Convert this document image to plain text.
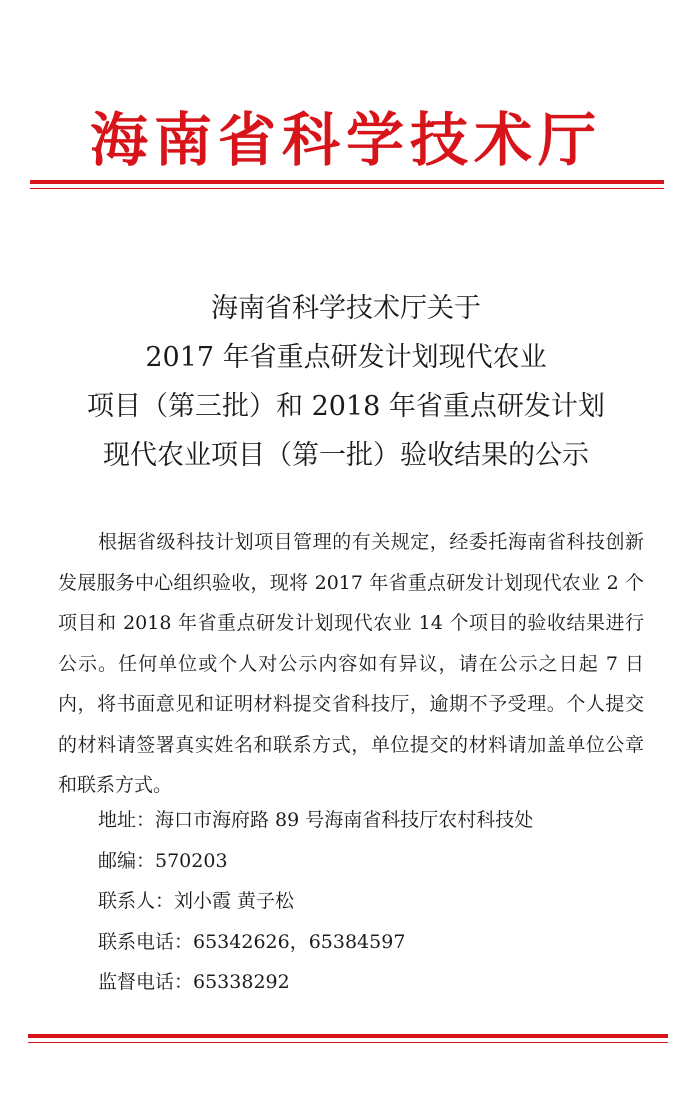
海南省科学技术厅
海南省科学技术厅关于
2017 年省重点研发计划现代农业
项目（第三批）和 2018 年省重点研发计划
现代农业项目（第一批）验收结果的公示
根据省级科技计划项目管理的有关规定，经委托海南省科技创新发展服务中心组织验收，现将 2017 年省重点研发计划现代农业 2 个项目和 2018 年省重点研发计划现代农业 14 个项目的验收结果进行公示。任何单位或个人对公示内容如有异议，请在公示之日起 7 日内，将书面意见和证明材料提交省科技厅，逾期不予受理。个人提交的材料请签署真实姓名和联系方式，单位提交的材料请加盖单位公章和联系方式。
地址：海口市海府路 89 号海南省科技厅农村科技处
邮编：570203
联系人：刘小霞 黄子松
联系电话：65342626，65384597
监督电话：65338292
